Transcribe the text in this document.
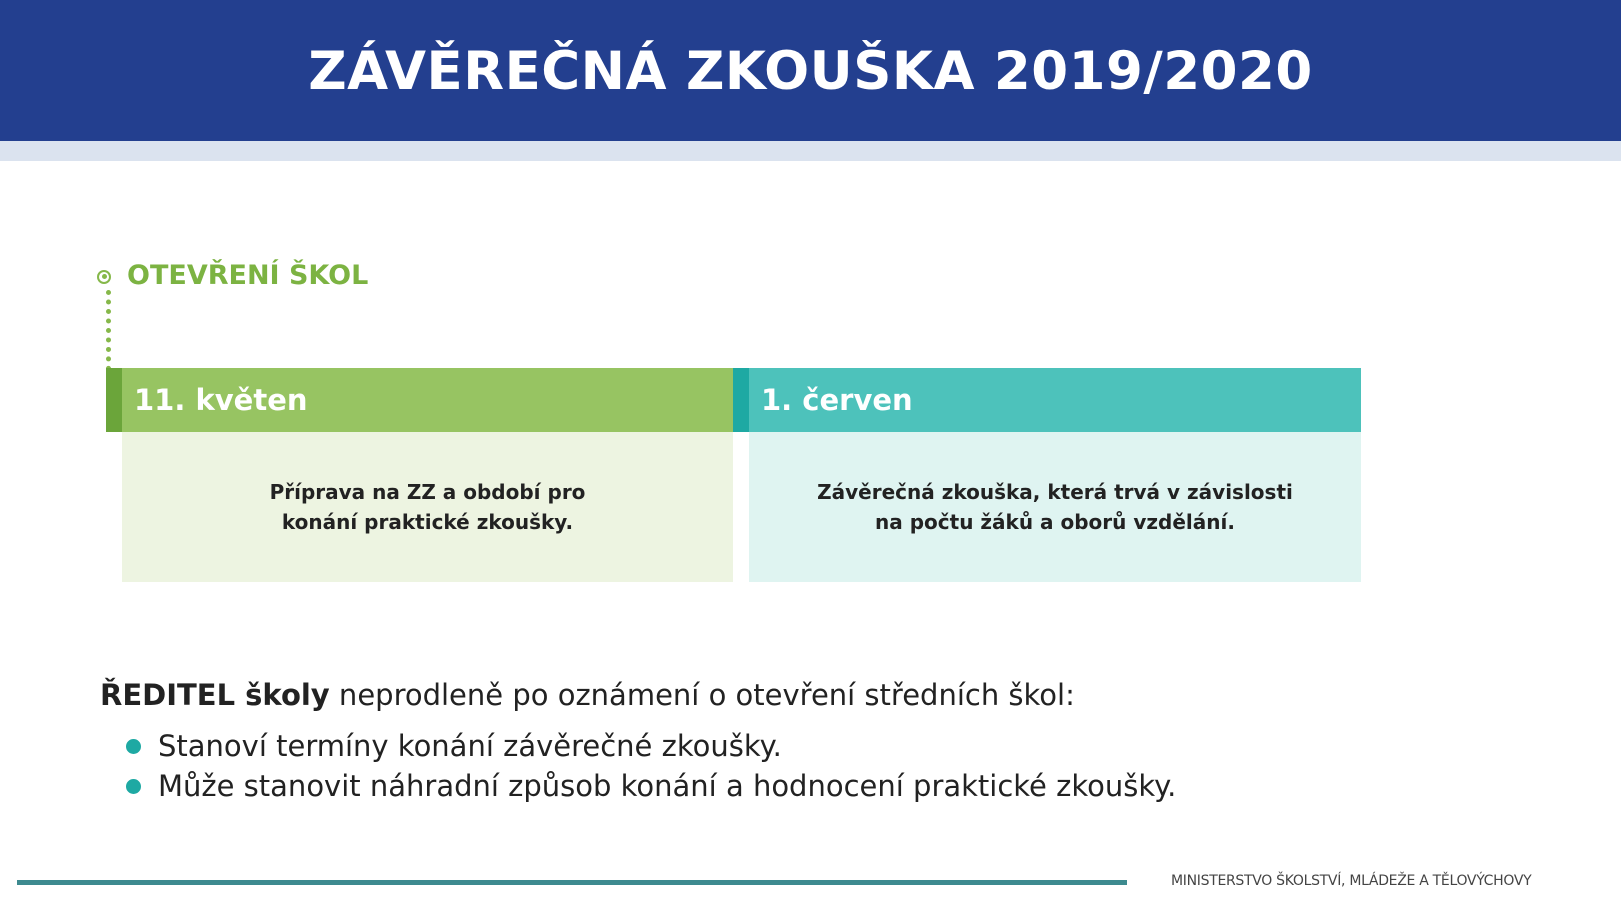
ZÁVĚREČNÁ ZKOUŠKA 2019/2020
OTEVŘENÍ ŠKOL
11. květen

Příprava na ZZ a období pro
konání praktické zkoušky.

1. červen

Závěrečná zkouška, která trvá v závislosti
na počtu žáků a oborů vzdělání.

ŘEDITEL školy neprodleně po oznámení o otevření středních škol:

Stanoví termíny konání závěrečné zkoušky.
Může stanovit náhradní způsob konání a hodnocení praktické zkoušky.
MINISTERSTVO ŠKOLSTVÍ, MLÁDEŽE A TĚLOVÝCHOVY
